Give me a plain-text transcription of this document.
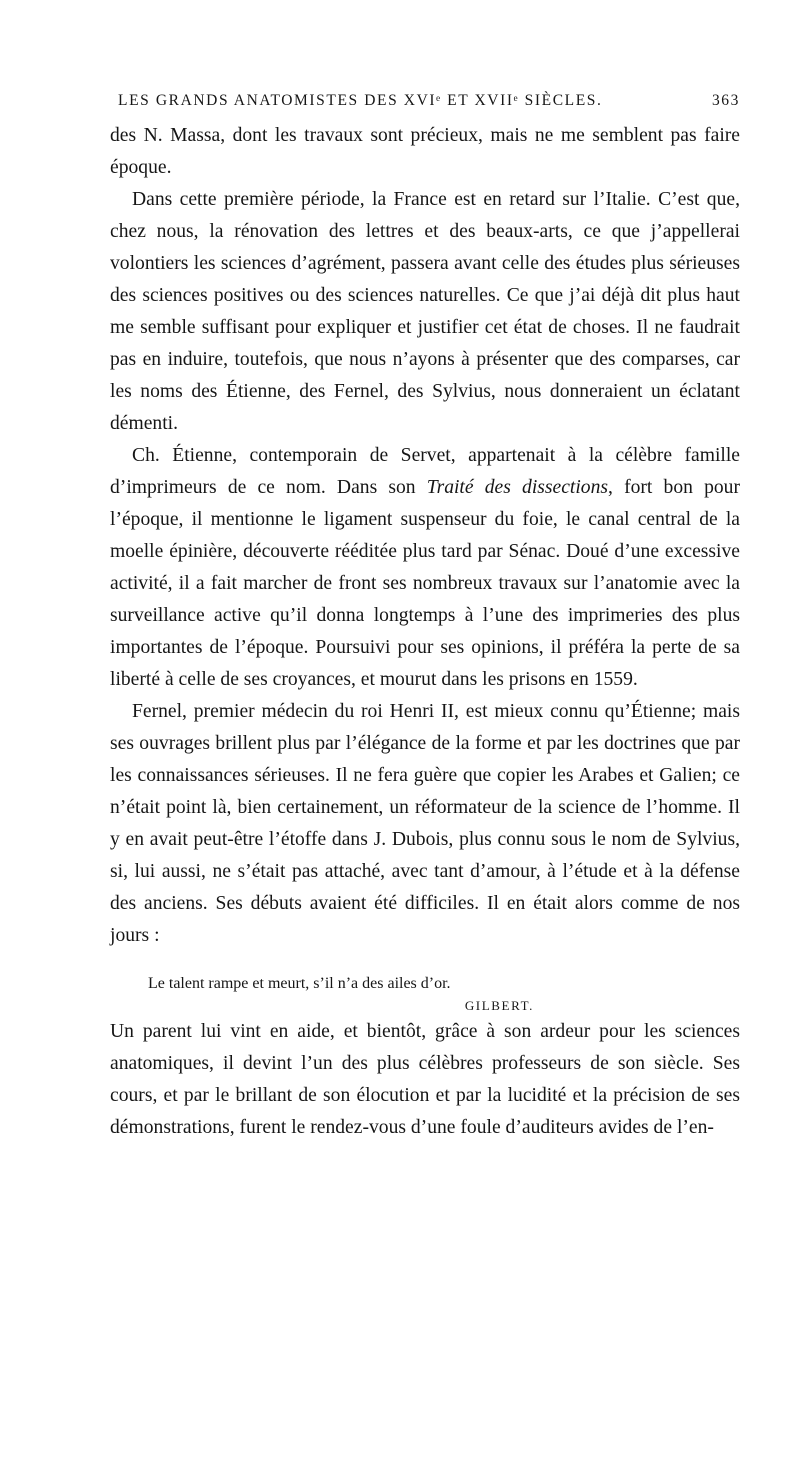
LES GRANDS ANATOMISTES DES XVIᵉ ET XVIIᵉ SIÈCLES.	363

des N. Massa, dont les travaux sont précieux, mais ne me semblent pas faire époque.

Dans cette première période, la France est en retard sur l’Italie. C’est que, chez nous, la rénovation des lettres et des beaux-arts, ce que j’appellerai volontiers les sciences d’agrément, passera avant celle des études plus sérieuses des sciences positives ou des sciences naturelles. Ce que j’ai déjà dit plus haut me semble suffisant pour expliquer et justifier cet état de choses. Il ne faudrait pas en induire, toutefois, que nous n’ayons à présenter que des comparses, car les noms des Étienne, des Fernel, des Sylvius, nous donneraient un éclatant démenti.

Ch. Étienne, contemporain de Servet, appartenait à la célèbre famille d’imprimeurs de ce nom. Dans son Traité des dissections, fort bon pour l’époque, il mentionne le ligament suspenseur du foie, le canal central de la moelle épinière, découverte rééditée plus tard par Sénac. Doué d’une excessive activité, il a fait marcher de front ses nombreux travaux sur l’anatomie avec la surveillance active qu’il donna longtemps à l’une des imprimeries des plus importantes de l’époque. Poursuivi pour ses opinions, il préféra la perte de sa liberté à celle de ses croyances, et mourut dans les prisons en 1559.

Fernel, premier médecin du roi Henri II, est mieux connu qu’Étienne; mais ses ouvrages brillent plus par l’élégance de la forme et par les doctrines que par les connaissances sérieuses. Il ne fera guère que copier les Arabes et Galien; ce n’était point là, bien certainement, un réformateur de la science de l’homme. Il y en avait peut-être l’étoffe dans J. Dubois, plus connu sous le nom de Sylvius, si, lui aussi, ne s’était pas attaché, avec tant d’amour, à l’étude et à la défense des anciens. Ses débuts avaient été difficiles. Il en était alors comme de nos jours :

Le talent rampe et meurt, s’il n’a des ailes d’or.
GILBERT.

Un parent lui vint en aide, et bientôt, grâce à son ardeur pour les sciences anatomiques, il devint l’un des plus célèbres professeurs de son siècle. Ses cours, et par le brillant de son élocution et par la lucidité et la précision de ses démonstrations, furent le rendez-vous d’une foule d’auditeurs avides de l’en-
